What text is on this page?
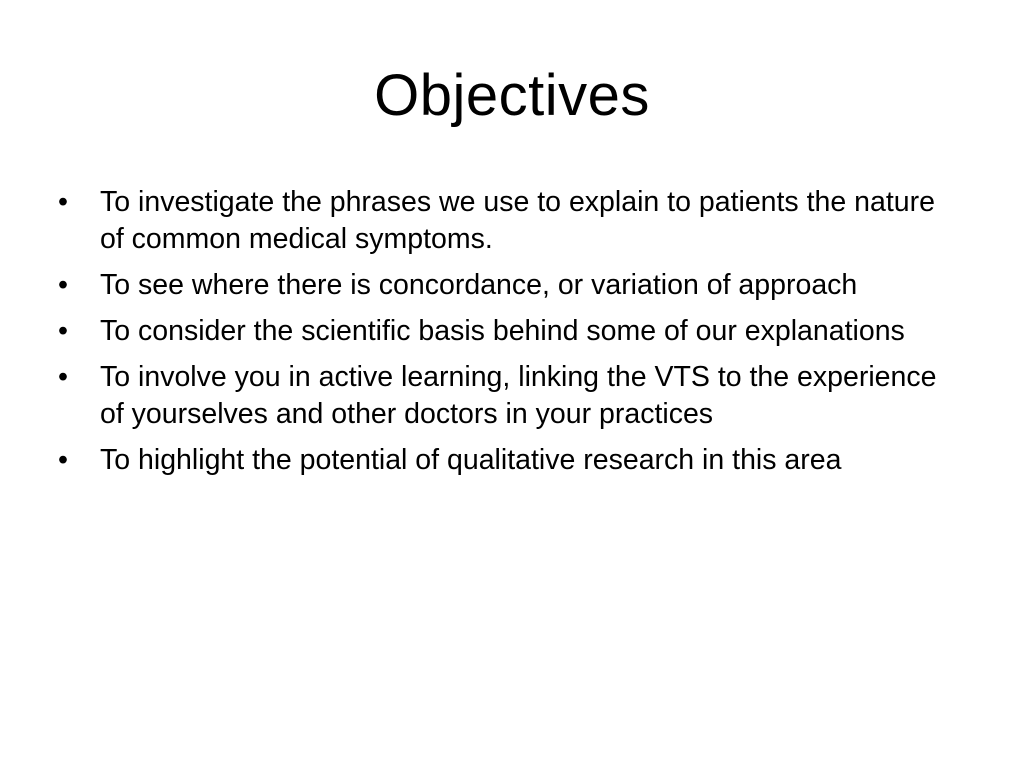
Objectives
• To investigate the phrases we use to explain to patients the nature of common medical symptoms.
• To see where there is concordance, or variation of approach
• To consider the scientific basis behind some of our explanations
• To involve you in active learning, linking the VTS to the experience of yourselves and other doctors in your practices
• To highlight the potential of qualitative research in this area
